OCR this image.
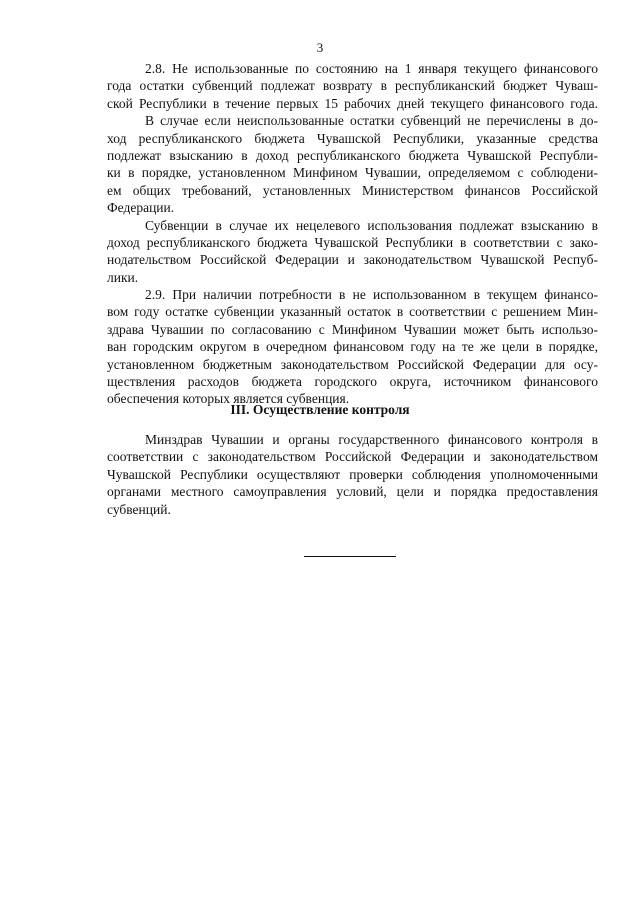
3
2.8. Не использованные по состоянию на 1 января текущего финансового
года остатки субвенций подлежат возврату в республиканский бюджет Чуваш-
ской Республики в течение первых 15 рабочих дней текущего финансового года.
В случае если неиспользованные остатки субвенций не перечислены в до-
ход республиканского бюджета Чувашской Республики, указанные средства
подлежат взысканию в доход республиканского бюджета Чувашской Республи-
ки в порядке, установленном Минфином Чувашии, определяемом с соблюдени-
ем общих требований, установленных Министерством финансов Российской
Федерации.
Субвенции в случае их нецелевого использования подлежат взысканию в
доход республиканского бюджета Чувашской Республики в соответствии с зако-
нодательством Российской Федерации и законодательством Чувашской Респуб-
лики.
2.9. При наличии потребности в не использованном в текущем финансо-
вом году остатке субвенции указанный остаток в соответствии с решением Мин-
здрава Чувашии по согласованию с Минфином Чувашии может быть использо-
ван городским округом в очередном финансовом году на те же цели в порядке,
установленном бюджетным законодательством Российской Федерации для осу-
ществления расходов бюджета городского округа, источником финансового
обеспечения которых является субвенция.
III. Осуществление контроля
Минздрав Чувашии и органы государственного финансового контроля в
соответствии с законодательством Российской Федерации и законодательством
Чувашской Республики осуществляют проверки соблюдения уполномоченными
органами местного самоуправления условий, цели и порядка предоставления
субвенций.
